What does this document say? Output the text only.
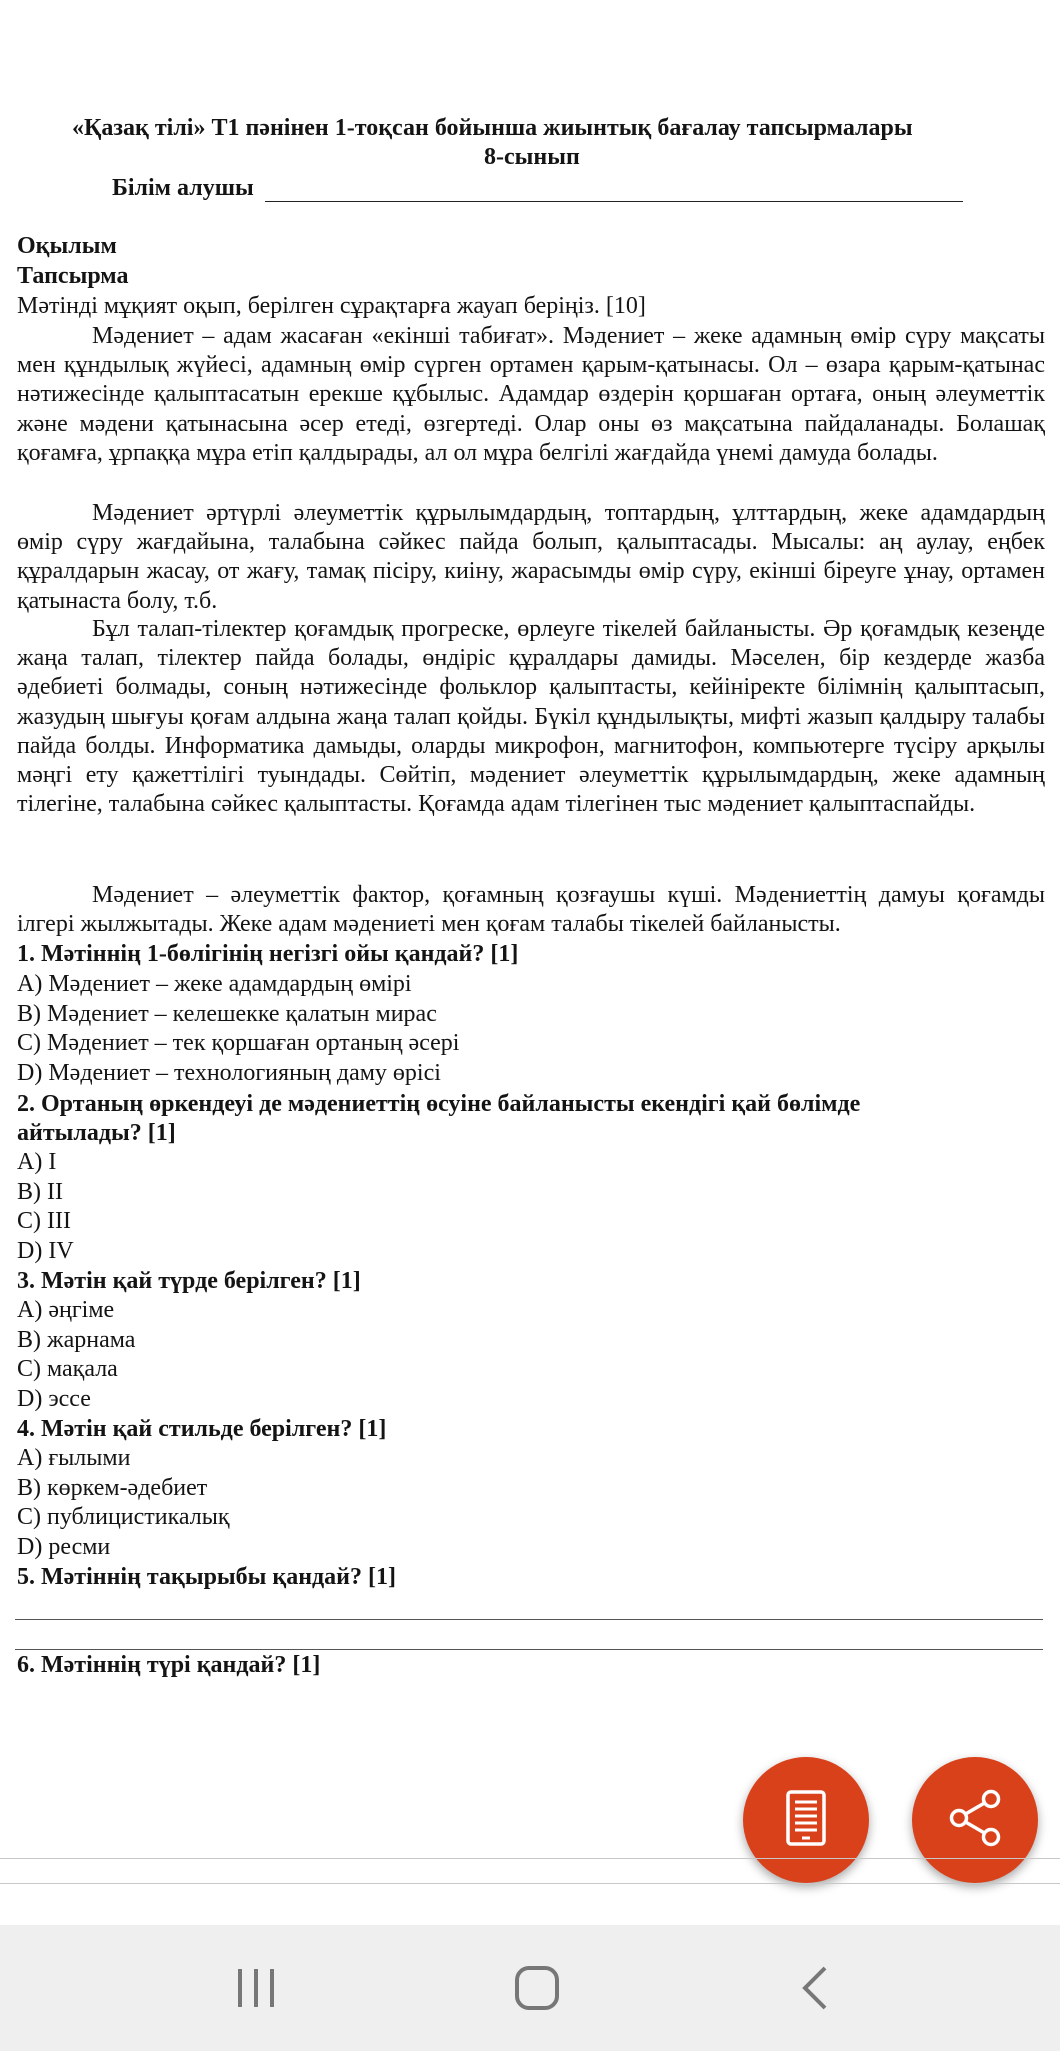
«Қазақ тілі» Т1 пәнінен 1-тоқсан бойынша жиынтық бағалау тапсырмалары
8-сынып
Білім алушы
Оқылым
Тапсырма
Мәтінді мұқият оқып, берілген сұрақтарға жауап беріңіз. [10]
Мәдениет – адам жасаған «екінші табиғат». Мәдениет – жеке адамның өмір сүру мақсаты мен құндылық жүйесі, адамның өмір сүрген ортамен қарым-қатынасы. Ол – өзара қарым-қатынас нәтижесінде қалыптасатын ерекше құбылыс. Адамдар өздерін қоршаған ортаға, оның әлеуметтік және мәдени қатынасына әсер етеді, өзгертеді. Олар оны өз мақсатына пайдаланады. Болашақ қоғамға, ұрпаққа мұра етіп қалдырады, ал ол мұра белгілі жағдайда үнемі дамуда болады.
Мәдениет әртүрлі әлеуметтік құрылымдардың, топтардың, ұлттардың, жеке адамдардың өмір сүру жағдайына, талабына сәйкес пайда болып, қалыптасады. Мысалы: аң аулау, еңбек құралдарын жасау, от жағу, тамақ пісіру, киіну, жарасымды өмір сүру, екінші біреуге ұнау, ортамен қатынаста болу, т.б.
Бұл талап-тілектер қоғамдық прогреске, өрлеуге тікелей байланысты. Әр қоғамдық кезеңде жаңа талап, тілектер пайда болады, өндіріс құралдары дамиды. Мәселен, бір кездерде жазба әдебиеті болмады, соның нәтижесінде фольклор қалыптасты, кейініректе білімнің қалыптасып, жазудың шығуы қоғам алдына жаңа талап қойды. Бүкіл құндылықты, мифті жазып қалдыру талабы пайда болды. Информатика дамыды, оларды микрофон, магнитофон, компьютерге түсіру арқылы мәңгі ету қажеттілігі туындады. Сөйтіп, мәдениет әлеуметтік құрылымдардың, жеке адамның тілегіне, талабына сәйкес қалыптасты. Қоғамда адам тілегінен тыс мәдениет қалыптаспайды.
Мәдениет – әлеуметтік фактор, қоғамның қозғаушы күші. Мәдениеттің дамуы қоғамды ілгері жылжытады. Жеке адам мәдениеті мен қоғам талабы тікелей байланысты.
1. Мәтіннің 1-бөлігінің негізгі ойы қандай? [1]
A) Мәдениет – жеке адамдардың өмірі
B) Мәдениет – келешекке қалатын мирас
C) Мәдениет – тек қоршаған ортаның әсері
D) Мәдениет – технологияның даму өрісі
2. Ортаның өркендеуі де мәдениеттің өсуіне байланысты екендігі қай бөлімде
айтылады? [1]
A) I
B) II
C) III
D) IV
3. Мәтін қай түрде берілген? [1]
A) әңгіме
B) жарнама
C) мақала
D) эссе
4. Мәтін қай стильде берілген? [1]
A) ғылыми
B) көркем-әдебиет
C) публицистикалық
D) ресми
5. Мәтіннің тақырыбы қандай? [1]
6. Мәтіннің түрі қандай? [1]
